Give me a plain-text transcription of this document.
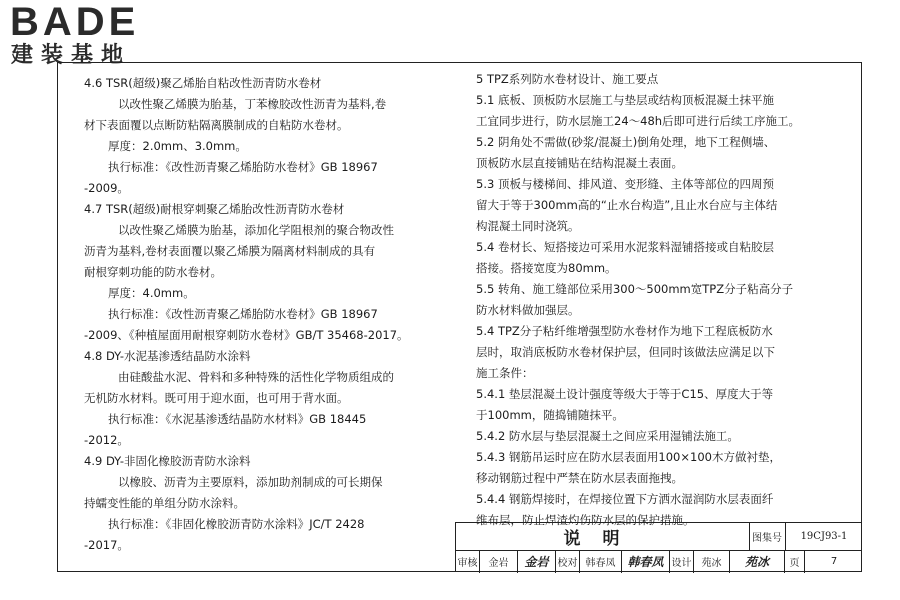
BADE
建装基地

4.6 TSR(超级)聚乙烯胎自粘改性沥青防水卷材

以改性聚乙烯膜为胎基，丁苯橡胶改性沥青为基料,卷

材下表面覆以点断防粘隔离膜制成的自粘防水卷材。

厚度：2.0mm、3.0mm。

执行标准：《改性沥青聚乙烯胎防水卷材》GB 18967

-2009。

4.7 TSR(超级)耐根穿刺聚乙烯胎改性沥青防水卷材

以改性聚乙烯膜为胎基，添加化学阻根剂的聚合物改性

沥青为基料,卷材表面覆以聚乙烯膜为隔离材料制成的具有

耐根穿刺功能的防水卷材。

厚度：4.0mm。

执行标准：《改性沥青聚乙烯胎防水卷材》GB 18967

-2009、《种植屋面用耐根穿刺防水卷材》GB/T 35468-2017。

4.8 DY-水泥基渗透结晶防水涂料

由硅酸盐水泥、骨料和多种特殊的活性化学物质组成的

无机防水材料。既可用于迎水面，也可用于背水面。

执行标准：《水泥基渗透结晶防水材料》GB 18445

-2012。

4.9 DY-非固化橡胶沥青防水涂料

以橡胶、沥青为主要原料，添加助剂制成的可长期保

持蠕变性能的单组分防水涂料。

执行标准：《非固化橡胶沥青防水涂料》JC/T 2428

-2017。

5 TPZ系列防水卷材设计、施工要点

5.1 底板、顶板防水层施工与垫层或结构顶板混凝土抹平施

工宜同步进行，防水层施工24～48h后即可进行后续工序施工。

5.2 阴角处不需做(砂浆/混凝土)倒角处理，地下工程侧墙、

顶板防水层直接铺贴在结构混凝土表面。

5.3 顶板与楼梯间、排风道、变形缝、主体等部位的四周预

留大于等于300mm高的“止水台构造”,且止水台应与主体结

构混凝土同时浇筑。

5.4 卷材长、短搭接边可采用水泥浆料湿铺搭接或自粘胶层

搭接。搭接宽度为80mm。

5.5 转角、施工缝部位采用300～500mm宽TPZ分子粘高分子

防水材料做加强层。

5.4 TPZ分子粘纤维增强型防水卷材作为地下工程底板防水

层时，取消底板防水卷材保护层，但同时该做法应满足以下

施工条件：

5.4.1 垫层混凝土设计强度等级大于等于C15、厚度大于等

于100mm，随捣铺随抹平。

5.4.2 防水层与垫层混凝土之间应采用湿铺法施工。

5.4.3 钢筋吊运时应在防水层表面用100×100木方做衬垫，

移动钢筋过程中严禁在防水层表面拖拽。

5.4.4 钢筋焊接时，在焊接位置下方洒水湿润防水层表面纤

维布层，防止焊渣灼伤防水层的保护措施。

说明	图集号	19CJ93-1
审核	金岩	金岩 校对 韩春凤 韩春凤 设计	苑冰	苑冰	页	7
